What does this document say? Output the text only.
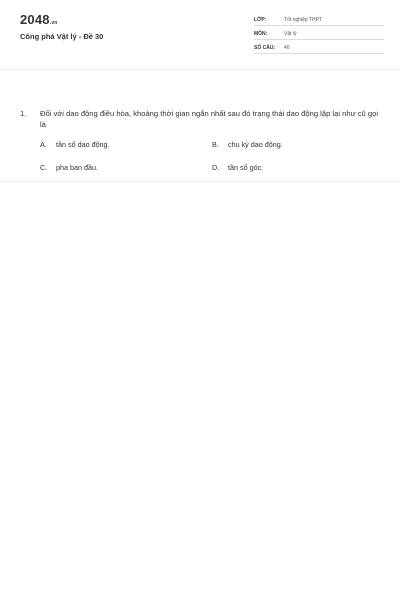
2048.vn
Công phá Vật lý - Đề 30
LỚP:	Tốt nghiệp THPT
MÔN:	Vật lý
SỐ CÂU: 40
1. Đối với dao động điều hòa, khoảng thời gian ngắn nhất sau đó trạng thái dao động lặp lại như cũ gọi là
A. tần số dao động.	B. chu kỳ dao động.
C. pha ban đầu.	D. tần số góc.
